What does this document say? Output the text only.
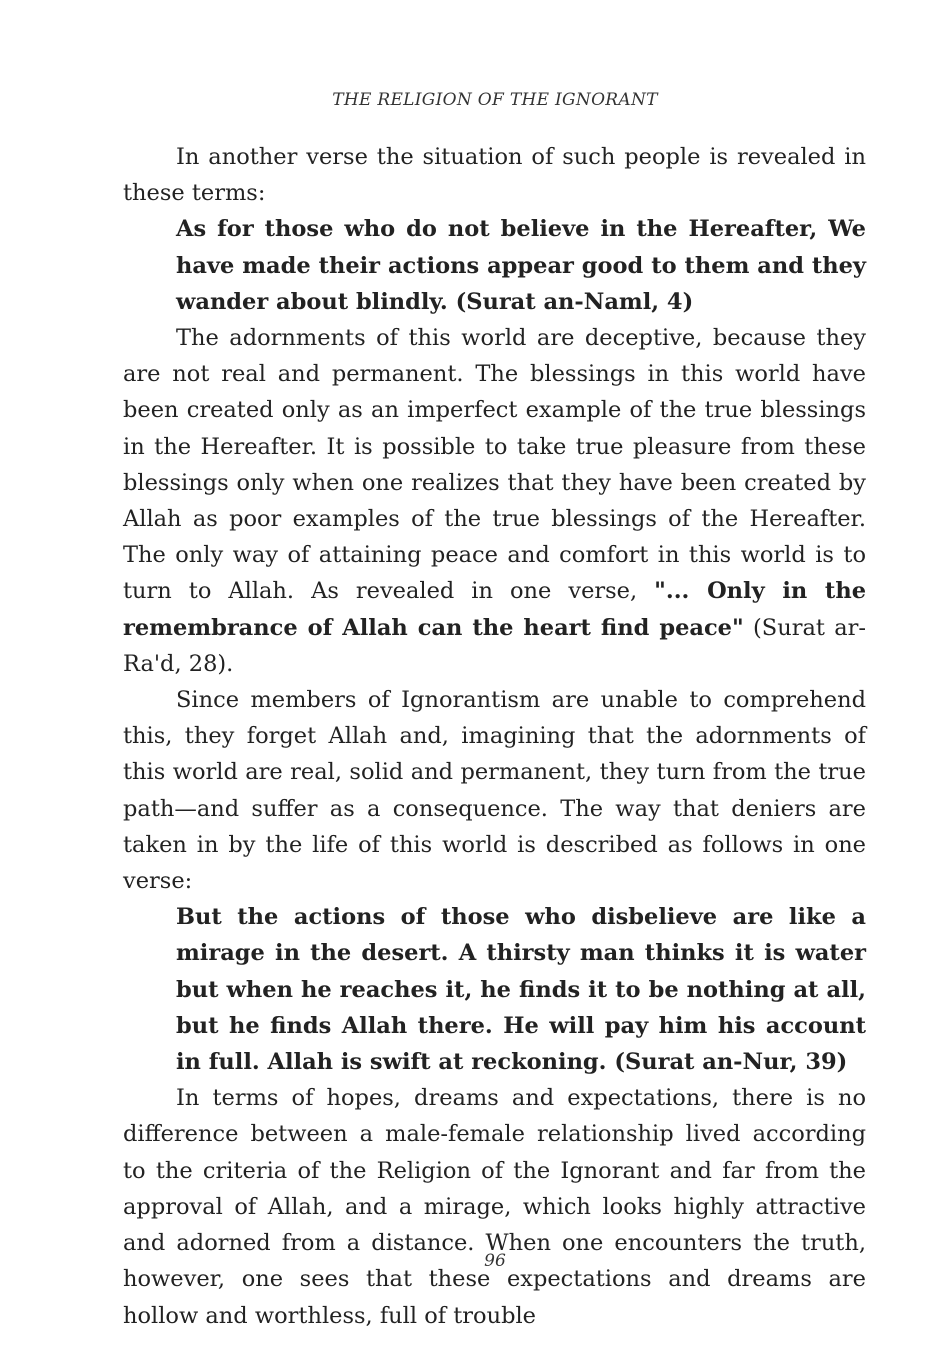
THE RELIGION OF THE IGNORANT

In another verse the situation of such people is revealed in these terms:

As for those who do not believe in the Hereafter, We have made their actions appear good to them and they wander about blindly. (Surat an-Naml, 4)

The adornments of this world are deceptive, because they are not real and permanent. The blessings in this world have been created only as an imperfect example of the true blessings in the Hereafter. It is possible to take true pleasure from these blessings only when one realizes that they have been created by Allah as poor examples of the true blessings of the Hereafter. The only way of attaining peace and comfort in this world is to turn to Allah. As revealed in one verse, "... Only in the remembrance of Allah can the heart find peace" (Surat ar-Ra'd, 28).

Since members of Ignorantism are unable to comprehend this, they forget Allah and, imagining that the adornments of this world are real, solid and permanent, they turn from the true path—and suffer as a consequence. The way that deniers are taken in by the life of this world is described as follows in one verse:

But the actions of those who disbelieve are like a mirage in the desert. A thirsty man thinks it is water but when he reaches it, he finds it to be nothing at all, but he finds Allah there. He will pay him his account in full. Allah is swift at reckoning. (Surat an-Nur, 39)

In terms of hopes, dreams and expectations, there is no difference between a male-female relationship lived according to the criteria of the Religion of the Ignorant and far from the approval of Allah, and a mirage, which looks highly attractive and adorned from a distance. When one encounters the truth, however, one sees that these expectations and dreams are hollow and worthless, full of trouble

96
